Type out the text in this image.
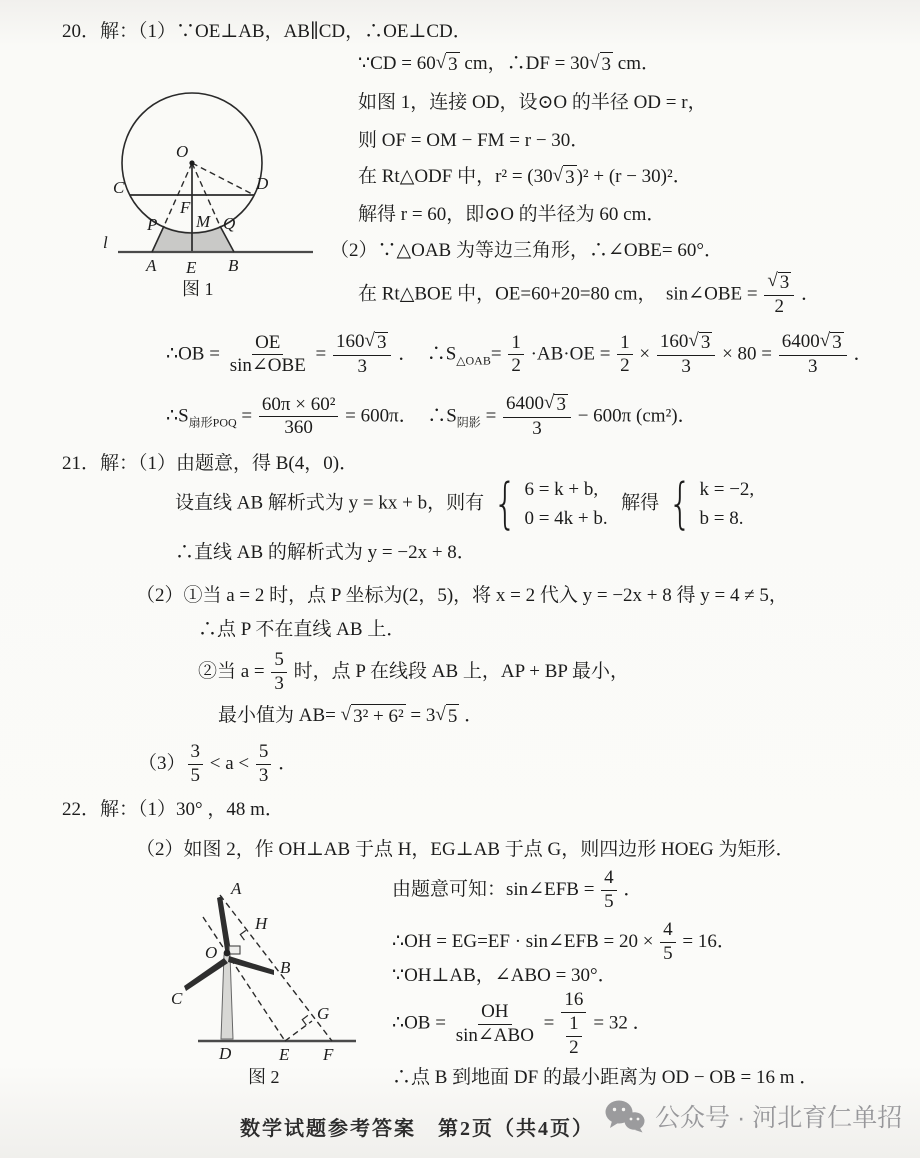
20．解：（1）∵OE⊥AB，AB∥CD，∴OE⊥CD．
∵CD = 60 √ 3 cm，∴DF = 30 √ 3 cm．
如图 1，连接 OD，设⊙O 的半径 OD = r，
则 OF = OM − FM = r − 30．
在 Rt△ODF 中，r² = (30 √ 3 )² + (r − 30)²．
解得 r = 60，即⊙O 的半径为 60 cm．
（2）∵△OAB 为等边三角形，∴∠OBE= 60°．
在 Rt△BOE 中，OE=60+20=80 cm，  sin∠OBE = $\frac{√ 3}{2}$ ．
∴OB = $\frac{OE}{\text{sin∠OBE}} = \frac{160 √ 3}{3}$ ．  $\therefore S_{\triangle OAB}= \frac{1}{2} \cdot AB\cdot OE = \frac{1}{2} \times \frac{160 √ 3}{3} \times 80 = \frac{6400 √ 3}{3}$ ．
$\therefore S_{扇形POQ} = \frac{\text{60π × 60²}}{360} = 600\pi$．  $\therefore S_{阴影} = \frac{6400 √ 3}{3} - 600\pi$ (cm²)．
O
C	D
F
M
P	Q
l
A E B
图 1
21．解：（1）由题意，得 B(4，0)．
设直线 AB 解析式为 y = kx + b，则有 { 6 = k + b,
0 = 4k + b.
解得 { k = −2,
b = 8.
∴直线 AB 的解析式为 y = −2x + 8．
（2）①当 a = 2 时，点 P 坐标为(2，5)，将 x = 2 代入 y = −2x + 8 得 y = 4 ≠ 5，
∴点 P 不在直线 AB 上．
②当 $a = \frac{5}{3}$ 时，点 P 在线段 AB 上，AP + BP 最小，
最小值为 AB= √ 3² + 6² = 3 √ 5 ．
$(3) \frac{3}{5} < a < \frac{5}{3}$ ．
22．解：（1）30° ，48 m．
（2）如图 2，作 OH⊥AB 于点 H，EG⊥AB 于点 G，则四边形 HOEG 为矩形．
由题意可知：sin∠EFB = $\frac{4}{5}$ ．
∴OH = EG=EF · sin∠EFB = $20 \times \frac{4}{5} = 16$．
∵OH⊥AB，∠ABO = 30°．
∴OB = $\frac{OH}{\text{sin∠ABO}} = \frac{16}{\frac{1}{2}} = 32$ ．
∴点 B 到地面 DF 的最小距离为 OD − OB = 16 m ．
A
H
O
B
C
G
D	E F
图 2
数学试题参考答案　第2页（共4页） 公众号 · 河北育仁单招
